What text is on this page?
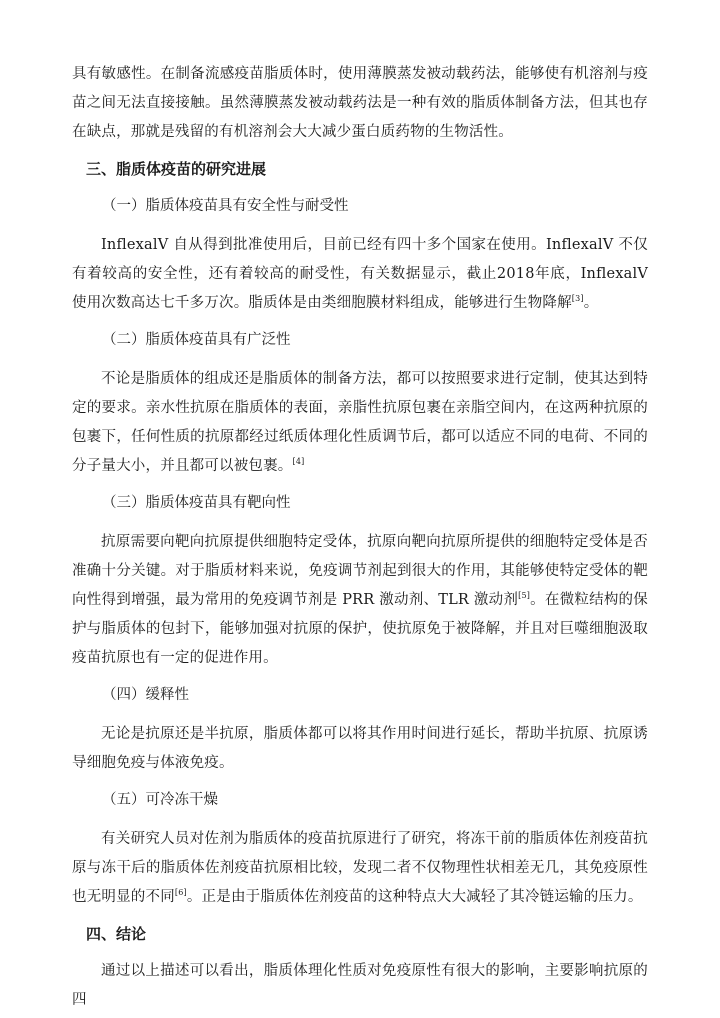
具有敏感性。在制备流感疫苗脂质体时，使用薄膜蒸发被动载药法，能够使有机溶剂与疫苗之间无法直接接触。虽然薄膜蒸发被动载药法是一种有效的脂质体制备方法，但其也存在缺点，那就是残留的有机溶剂会大大减少蛋白质药物的生物活性。

三、脂质体疫苗的研究进展
（一）脂质体疫苗具有安全性与耐受性

InflexalV 自从得到批准使用后，目前已经有四十多个国家在使用。InflexalV 不仅有着较高的安全性，还有着较高的耐受性，有关数据显示，截止2018年底，InflexalV 使用次数高达七千多万次。脂质体是由类细胞膜材料组成，能够进行生物降解[3]。

（二）脂质体疫苗具有广泛性

不论是脂质体的组成还是脂质体的制备方法，都可以按照要求进行定制，使其达到特定的要求。亲水性抗原在脂质体的表面，亲脂性抗原包裹在亲脂空间内，在这两种抗原的包裹下，任何性质的抗原都经过纸质体理化性质调节后，都可以适应不同的电荷、不同的分子量大小，并且都可以被包裹。[4]

（三）脂质体疫苗具有靶向性

抗原需要向靶向抗原提供细胞特定受体，抗原向靶向抗原所提供的细胞特定受体是否准确十分关键。对于脂质材料来说，免疫调节剂起到很大的作用，其能够使特定受体的靶向性得到增强，最为常用的免疫调节剂是 PRR 激动剂、TLR 激动剂[5]。在微粒结构的保护与脂质体的包封下，能够加强对抗原的保护，使抗原免于被降解，并且对巨噬细胞汲取疫苗抗原也有一定的促进作用。

（四）缓释性

无论是抗原还是半抗原，脂质体都可以将其作用时间进行延长，帮助半抗原、抗原诱导细胞免疫与体液免疫。

（五）可冷冻干燥

有关研究人员对佐剂为脂质体的疫苗抗原进行了研究，将冻干前的脂质体佐剂疫苗抗原与冻干后的脂质体佐剂疫苗抗原相比较，发现二者不仅物理性状相差无几，其免疫原性也无明显的不同[6]。正是由于脂质体佐剂疫苗的这种特点大大减轻了其冷链运输的压力。

四、结论

通过以上描述可以看出，脂质体理化性质对免疫原性有很大的影响，主要影响抗原的四
